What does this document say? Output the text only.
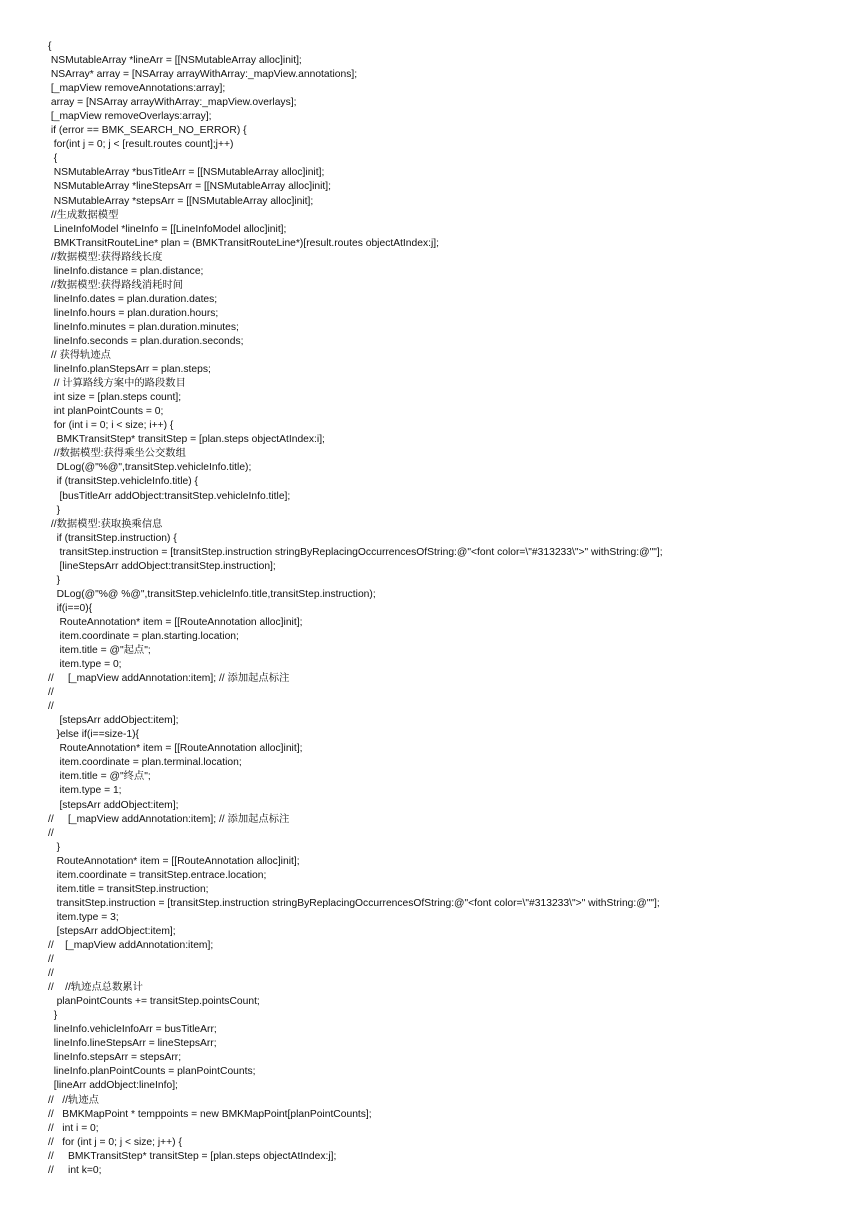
{
NSMutableArray *lineArr = [[NSMutableArray alloc]init];
NSArray* array = [NSArray arrayWithArray:_mapView.annotations];
[_mapView removeAnnotations:array];
array = [NSArray arrayWithArray:_mapView.overlays];
[_mapView removeOverlays:array];
if (error == BMK_SEARCH_NO_ERROR) {
for(int j = 0; j < [result.routes count];j++)
{
NSMutableArray *busTitleArr = [[NSMutableArray alloc]init];
NSMutableArray *lineStepsArr = [[NSMutableArray alloc]init];
NSMutableArray *stepsArr = [[NSMutableArray alloc]init];
//生成数据模型
LineInfoModel *lineInfo = [[LineInfoModel alloc]init];
BMKTransitRouteLine* plan = (BMKTransitRouteLine*)[result.routes objectAtIndex:j];
//数据模型:获得路线长度
lineInfo.distance = plan.distance;
//数据模型:获得路线消耗时间
lineInfo.dates = plan.duration.dates;
lineInfo.hours = plan.duration.hours;
lineInfo.minutes = plan.duration.minutes;
lineInfo.seconds = plan.duration.seconds;
// 获得轨迹点
lineInfo.planStepsArr = plan.steps;
// 计算路线方案中的路段数目
int size = [plan.steps count];
int planPointCounts = 0;
for (int i = 0; i < size; i++) {
BMKTransitStep* transitStep = [plan.steps objectAtIndex:i];
//数据模型:获得乘坐公交数组
DLog(@"%@",transitStep.vehicleInfo.title);
if (transitStep.vehicleInfo.title) {
[busTitleArr addObject:transitStep.vehicleInfo.title];
}
//数据模型:获取换乘信息
if (transitStep.instruction) {
transitStep.instruction = [transitStep.instruction stringByReplacingOccurrencesOfString:@"<font color=\"#313233\">" withString:@""];
[lineStepsArr addObject:transitStep.instruction];
}
DLog(@"%@ %@",transitStep.vehicleInfo.title,transitStep.instruction);
if(i==0){
RouteAnnotation* item = [[RouteAnnotation alloc]init];
item.coordinate = plan.starting.location;
item.title = @"起点";
item.type = 0;
//     [_mapView addAnnotation:item]; // 添加起点标注
//
//
[stepsArr addObject:item];
}else if(i==size-1){
RouteAnnotation* item = [[RouteAnnotation alloc]init];
item.coordinate = plan.terminal.location;
item.title = @"终点";
item.type = 1;
[stepsArr addObject:item];
//     [_mapView addAnnotation:item]; // 添加起点标注
//
}
RouteAnnotation* item = [[RouteAnnotation alloc]init];
item.coordinate = transitStep.entrace.location;
item.title = transitStep.instruction;
transitStep.instruction = [transitStep.instruction stringByReplacingOccurrencesOfString:@"<font color=\"#313233\">" withString:@""];
item.type = 3;
[stepsArr addObject:item];
//    [_mapView addAnnotation:item];
//
//
//    //轨迹点总数累计
planPointCounts += transitStep.pointsCount;
}
lineInfo.vehicleInfoArr = busTitleArr;
lineInfo.lineStepsArr = lineStepsArr;
lineInfo.stepsArr = stepsArr;
lineInfo.planPointCounts = planPointCounts;
[lineArr addObject:lineInfo];
//   //轨迹点
//   BMKMapPoint * temppoints = new BMKMapPoint[planPointCounts];
//   int i = 0;
//   for (int j = 0; j < size; j++) {
//     BMKTransitStep* transitStep = [plan.steps objectAtIndex:j];
//     int k=0;
